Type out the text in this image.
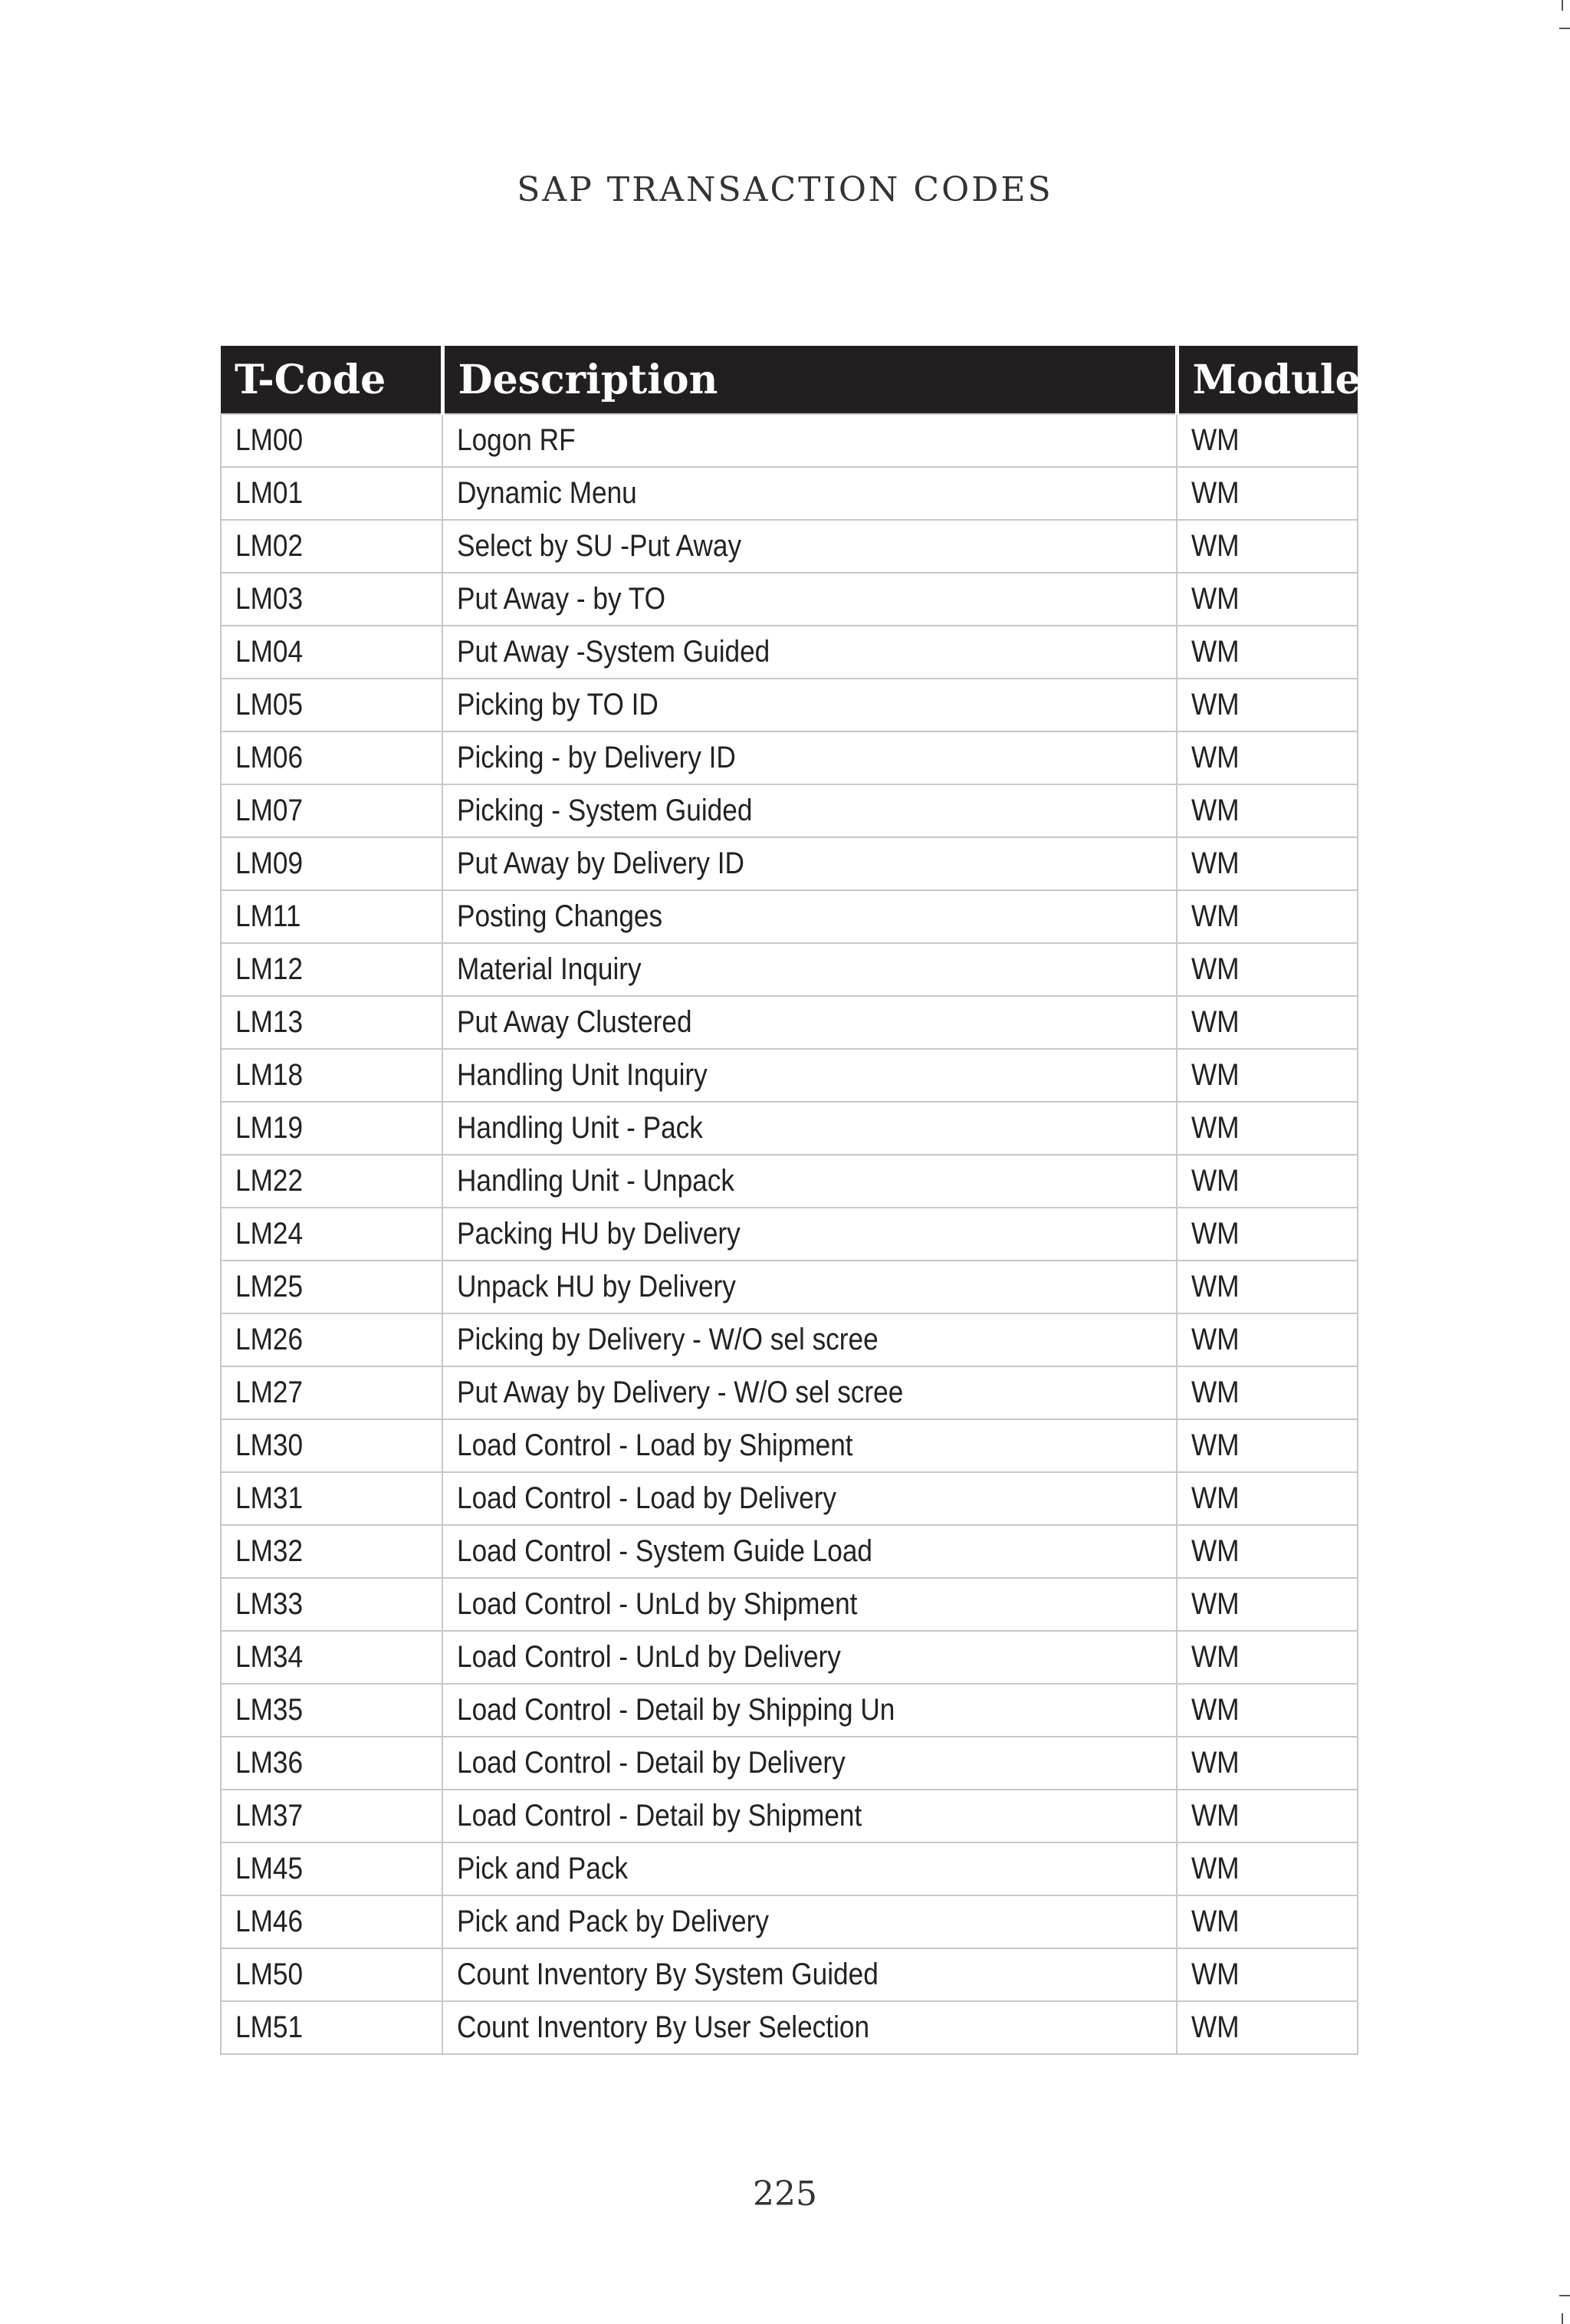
SAP TRANSACTION CODES
T-Code	Description	Module
LM00	Logon RF	WM
LM01	Dynamic Menu	WM
LM02	Select by SU -Put Away	WM
LM03	Put Away - by TO	WM
LM04	Put Away -System Guided	WM
LM05	Picking by TO ID	WM
LM06	Picking - by Delivery ID	WM
LM07	Picking - System Guided	WM
LM09	Put Away by Delivery ID	WM
LM11	Posting Changes	WM
LM12	Material Inquiry	WM
LM13	Put Away Clustered	WM
LM18	Handling Unit Inquiry	WM
LM19	Handling Unit - Pack	WM
LM22	Handling Unit - Unpack	WM
LM24	Packing HU by Delivery	WM
LM25	Unpack HU by Delivery	WM
LM26	Picking by Delivery - W/O sel scree	WM
LM27	Put Away by Delivery - W/O sel scree	WM
LM30	Load Control - Load by Shipment	WM
LM31	Load Control - Load by Delivery	WM
LM32	Load Control - System Guide Load	WM
LM33	Load Control - UnLd by Shipment	WM
LM34	Load Control - UnLd by Delivery	WM
LM35	Load Control - Detail by Shipping Un	WM
LM36	Load Control - Detail by Delivery	WM
LM37	Load Control - Detail by Shipment	WM
LM45	Pick and Pack	WM
LM46	Pick and Pack by Delivery	WM
LM50	Count Inventory By System Guided	WM
LM51	Count Inventory By User Selection	WM
225
